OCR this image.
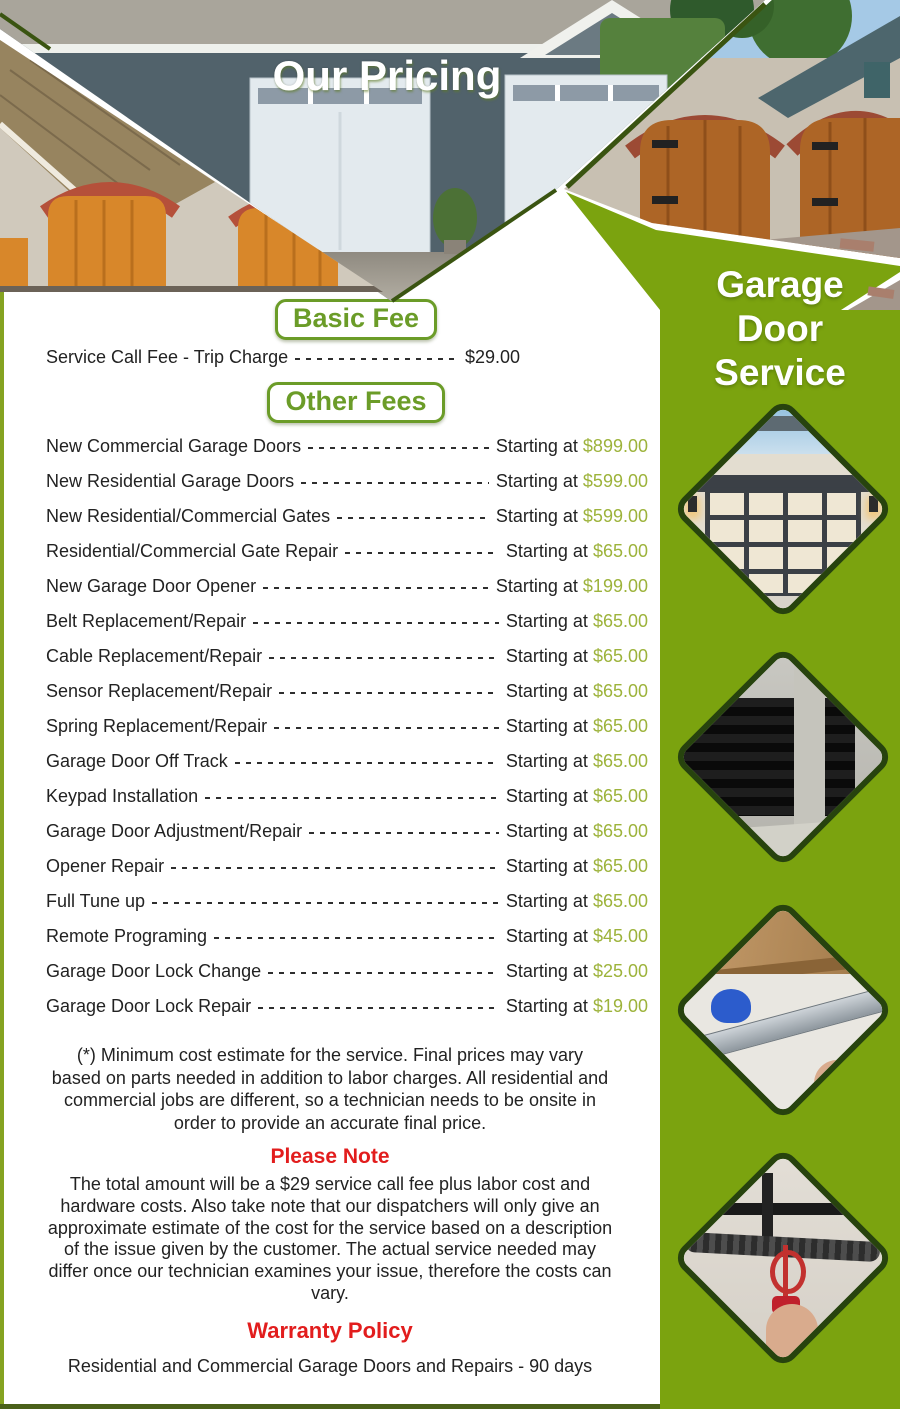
Our Pricing
Garage
Door
Service
Basic Fee
Service Call Fee - Trip Charge	$29.00
Other Fees
New Commercial Garage Doors	Starting at $899.00
New Residential Garage Doors	Starting at $599.00
New Residential/Commercial Gates	Starting at $599.00
Residential/Commercial Gate Repair	Starting at $65.00
New Garage Door Opener	Starting at $199.00
Belt Replacement/Repair	Starting at $65.00
Cable Replacement/Repair	Starting at $65.00
Sensor Replacement/Repair	Starting at $65.00
Spring Replacement/Repair	Starting at $65.00
Garage Door Off Track	Starting at $65.00
Keypad Installation	Starting at $65.00
Garage Door Adjustment/Repair	Starting at $65.00
Opener Repair	Starting at $65.00
Full Tune up	Starting at $65.00
Remote Programing	Starting at $45.00
Garage Door Lock Change	Starting at $25.00
Garage Door Lock Repair	Starting at $19.00
(*) Minimum cost estimate for the service. Final prices may vary based on parts needed in addition to labor charges. All residential and commercial jobs are different, so a technician needs to be onsite in order to provide an accurate final price.
Please Note
The total amount will be a $29 service call fee plus labor cost and hardware costs. Also take note that our dispatchers will only give an approximate estimate of the cost for the service based on a description of the issue given by the customer. The actual service needed may differ once our technician examines your issue, therefore the costs can vary.
Warranty Policy
Residential and Commercial Garage Doors and Repairs - 90 days
